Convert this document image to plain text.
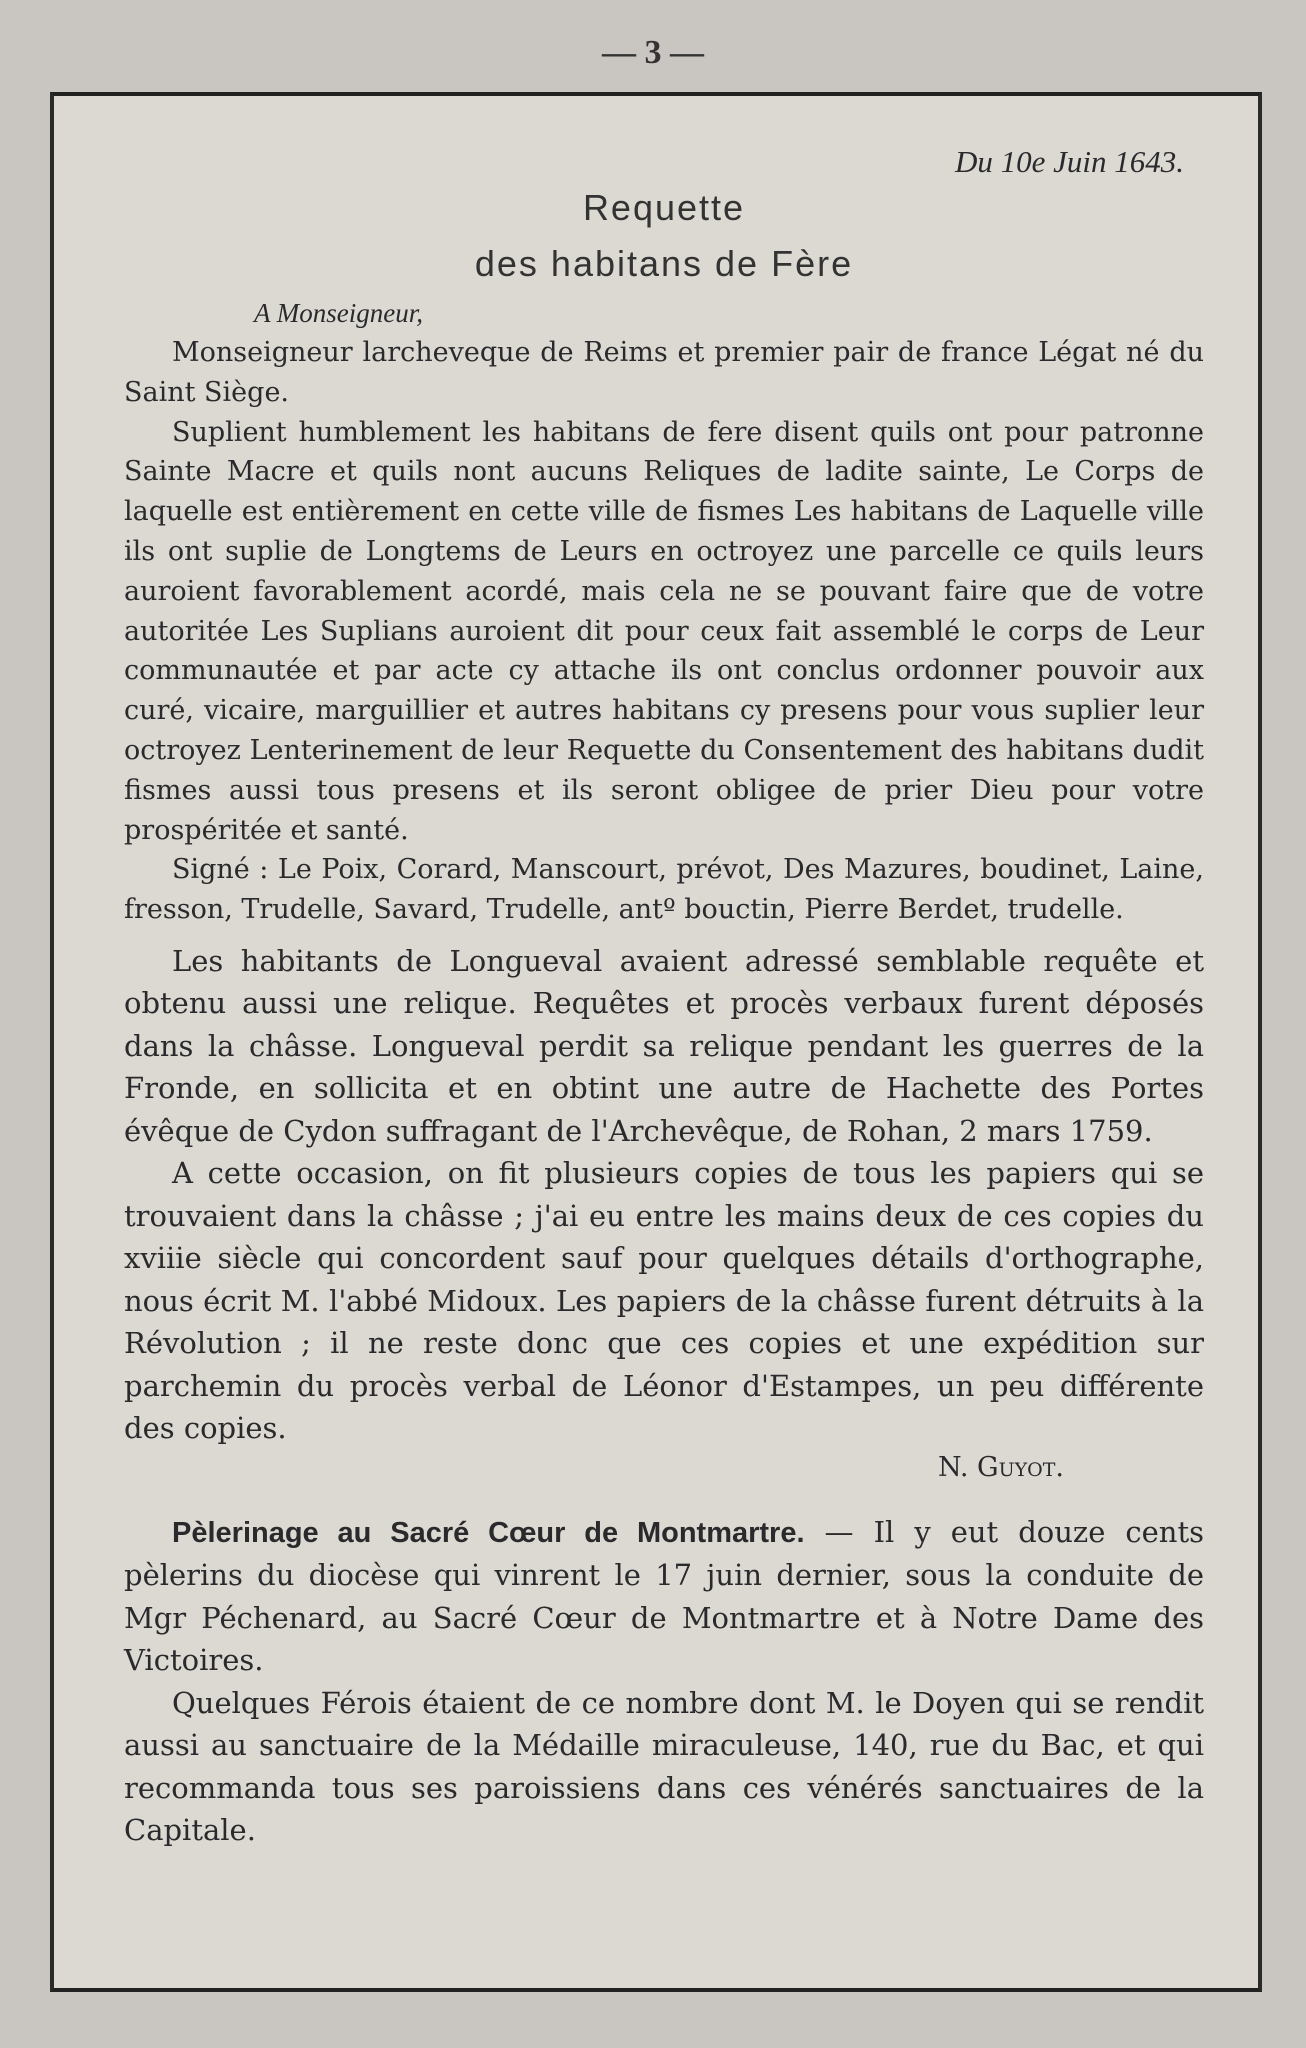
— 3 —
Du 10e Juin 1643.
Requette
des habitans de Fère
A Monseigneur,

Monseigneur larcheveque de Reims et premier pair de france Légat né du Saint Siège.

Suplient humblement les habitans de fere disent quils ont pour patronne Sainte Macre et quils nont aucuns Reliques de ladite sainte, Le Corps de laquelle est entièrement en cette ville de fismes Les habitans de Laquelle ville ils ont suplie de Longtems de Leurs en octroyez une parcelle ce quils leurs auroient favorablement acordé, mais cela ne se pouvant faire que de votre autoritée Les Suplians auroient dit pour ceux fait assemblé le corps de Leur communautée et par acte cy attache ils ont conclus ordonner pouvoir aux curé, vicaire, marguillier et autres habitans cy presens pour vous suplier leur octroyez Lenterinement de leur Requette du Consentement des habitans dudit fismes aussi tous presens et ils seront obligee de prier Dieu pour votre prospéritée et santé.

Signé : Le Poix, Corard, Manscourt, prévot, Des Mazures, boudinet, Laine, fresson, Trudelle, Savard, Trudelle, antº bouctin, Pierre Berdet, trudelle.

Les habitants de Longueval avaient adressé semblable requête et obtenu aussi une relique. Requêtes et procès verbaux furent déposés dans la châsse. Longueval perdit sa relique pendant les guerres de la Fronde, en sollicita et en obtint une autre de Hachette des Portes évêque de Cydon suffragant de l'Archevêque, de Rohan, 2 mars 1759.

A cette occasion, on fit plusieurs copies de tous les papiers qui se trouvaient dans la châsse ; j'ai eu entre les mains deux de ces copies du xviiie siècle qui concordent sauf pour quelques détails d'orthographe, nous écrit M. l'abbé Midoux. Les papiers de la châsse furent détruits à la Révolution ; il ne reste donc que ces copies et une expédition sur parchemin du procès verbal de Léonor d'Estampes, un peu différente des copies.

N. Guyot.

Pèlerinage au Sacré Cœur de Montmartre. — Il y eut douze cents pèlerins du diocèse qui vinrent le 17 juin dernier, sous la conduite de Mgr Péchenard, au Sacré Cœur de Montmartre et à Notre Dame des Victoires.

Quelques Férois étaient de ce nombre dont M. le Doyen qui se rendit aussi au sanctuaire de la Médaille miraculeuse, 140, rue du Bac, et qui recommanda tous ses paroissiens dans ces vénérés sanctuaires de la Capitale.
